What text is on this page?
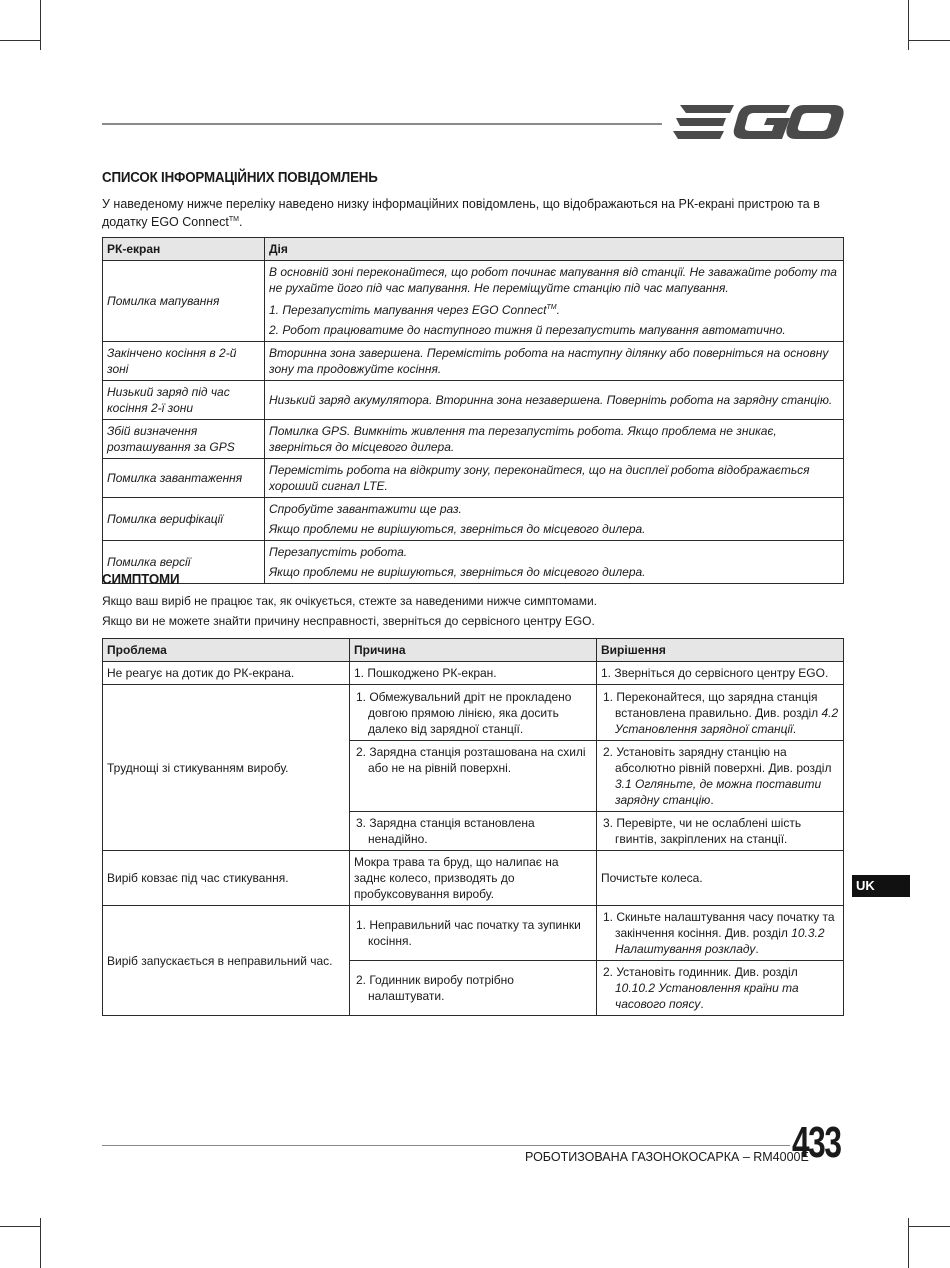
СПИСОК ІНФОРМАЦІЙНИХ ПОВІДОМЛЕНЬ

У наведеному нижче переліку наведено низку інформаційних повідомлень, що відображаються на РК-екрані пристрою та в додатку EGO Connect™.

РК-екран	Дія
Помилка мапування	В основній зоні переконайтеся, що робот починає мапування від станції. Не заважайте роботу та не рухайте його під час мапування. Не переміщуйте станцію під час мапування.

1. Перезапустіть мапування через EGO Connect™.

2. Робот працюватиме до наступного тижня й перезапустить мапування автоматично.

Закінчено косіння в 2-й зоні	Вторинна зона завершена. Перемістіть робота на наступну ділянку або поверніться на основну зону та продовжуйте косіння.

Низький заряд під час косіння 2-ї зони	Низький заряд акумулятора. Вторинна зона незавершена. Поверніть робота на зарядну станцію.

Збій визначення розташування за GPS	Помилка GPS. Вимкніть живлення та перезапустіть робота. Якщо проблема не зникає, зверніться до місцевого дилера.

Помилка завантаження	Перемістіть робота на відкриту зону, переконайтеся, що на дисплеї робота відображається хороший сигнал LTE.

Помилка верифікації	Спробуйте завантажити ще раз.

Якщо проблеми не вирішуються, зверніться до місцевого дилера.

Помилка версії	Перезапустіть робота.

Якщо проблеми не вирішуються, зверніться до місцевого дилера.

СИМПТОМИ

Якщо ваш виріб не працює так, як очікується, стежте за наведеними нижче симптомами.

Якщо ви не можете знайти причину несправності, зверніться до сервісного центру EGO.

Проблема	Причина	Вирішення
Не реагує на дотик до РК-екрана.	1. Пошкоджено РК-екран.	1. Зверніться до сервісного центру EGO.
Труднощі зі стикуванням виробу.	1. Обмежувальний дріт не прокладено довгою прямою лінією, яка досить далеко від зарядної станції.	1. Переконайтеся, що зарядна станція встановлена правильно. Див. розділ 4.2 Установлення зарядної станції.

	2. Зарядна станція розташована на схилі або не на рівній поверхні.	2. Установіть зарядну станцію на абсолютно рівній поверхні. Див. розділ 3.1 Огляньте, де можна поставити зарядну станцію.

	3. Зарядна станція встановлена ненадійно.	3. Перевірте, чи не ослаблені шість гвинтів, закріплених на станції.

Виріб ковзає під час стикування.	Мокра трава та бруд, що налипає на заднє колесо, призводять до пробуксовування виробу.	Почистьте колеса.
Виріб запускається в неправильний час.	1. Неправильний час початку та зупинки косіння.	1. Скиньте налаштування часу початку та закінчення косіння. Див. розділ 10.3.2 Налаштування розкладу.

	2. Годинник виробу потрібно налаштувати.	2. Установіть годинник. Див. розділ 10.10.2 Установлення країни та часового поясу.

UK
РОБОТИЗОВАНА ГАЗОНОКОСАРКА – RM4000E
433
